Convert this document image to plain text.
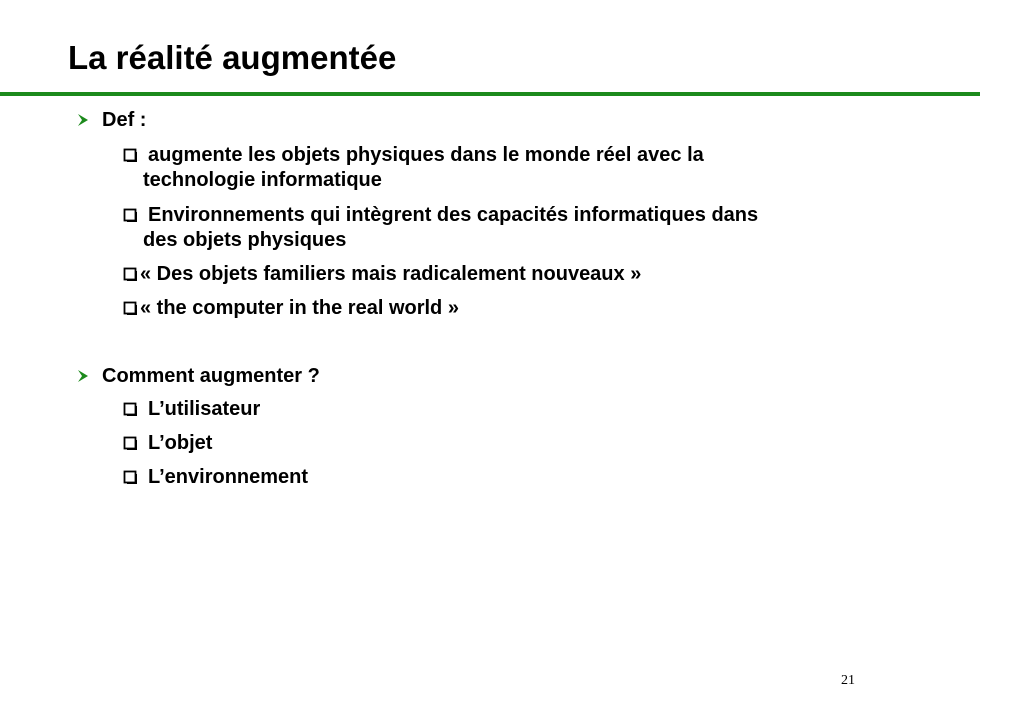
La réalité augmentée
Def :
augmente les objets physiques dans le monde réel avec la
technologie informatique
Environnements qui intègrent des capacités informatiques dans
des objets physiques
« Des objets familiers mais radicalement nouveaux »
« the computer in the real world »
Comment augmenter ?
L’utilisateur
L’objet
L’environnement
21
